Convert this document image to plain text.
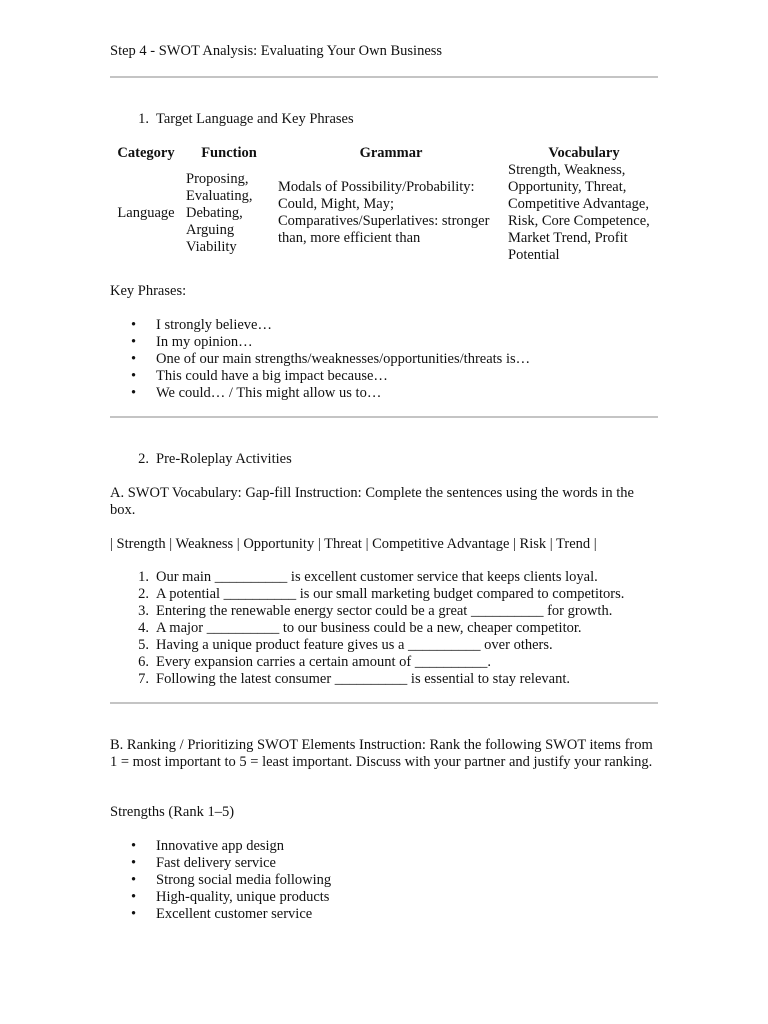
Step 4 - SWOT Analysis: Evaluating Your Own Business
1. Target Language and Key Phrases
Category	Function	Grammar	Vocabulary
Language	Proposing, Evaluating, Debating, Arguing Viability	Modals of Possibility/Probability: Could, Might, May; Comparatives/Superlatives: stronger than, more efficient than	Strength, Weakness, Opportunity, Threat, Competitive Advantage, Risk, Core Competence, Market Trend, Profit Potential
Key Phrases:
• I strongly believe…
• In my opinion…
• One of our main strengths/weaknesses/opportunities/threats is…
• This could have a big impact because…
• We could… / This might allow us to…
2. Pre-Roleplay Activities
A. SWOT Vocabulary: Gap-fill Instruction: Complete the sentences using the words in the box.
| Strength | Weakness | Opportunity | Threat | Competitive Advantage | Risk | Trend |
1. Our main __________ is excellent customer service that keeps clients loyal.
2. A potential __________ is our small marketing budget compared to competitors.
3. Entering the renewable energy sector could be a great __________ for growth.
4. A major __________ to our business could be a new, cheaper competitor.
5. Having a unique product feature gives us a __________ over others.
6. Every expansion carries a certain amount of __________.
7. Following the latest consumer __________ is essential to stay relevant.
B. Ranking / Prioritizing SWOT Elements Instruction: Rank the following SWOT items from 1 = most important to 5 = least important. Discuss with your partner and justify your ranking.
Strengths (Rank 1–5)
• Innovative app design
• Fast delivery service
• Strong social media following
• High-quality, unique products
• Excellent customer service
